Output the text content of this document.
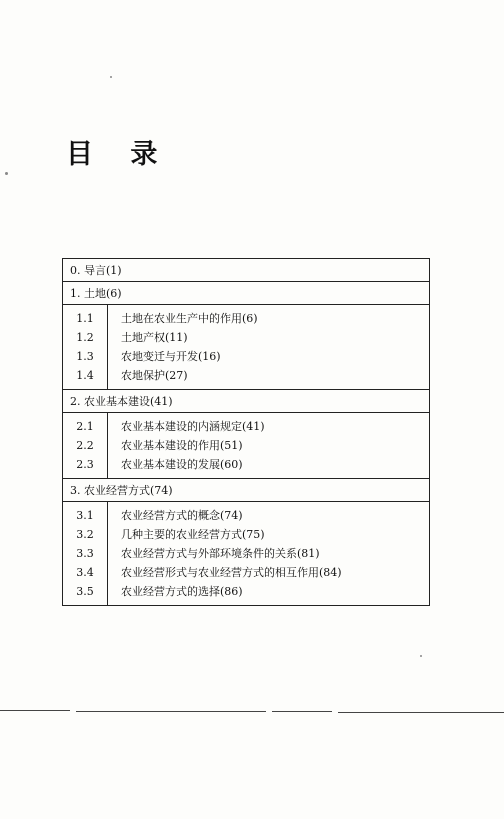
目 录
0. 导言(1)
1. 土地(6)
1.1	土地在农业生产中的作用(6)
1.2	土地产权(11)
1.3	农地变迁与开发(16)
1.4	农地保护(27)
2. 农业基本建设(41)
2.1	农业基本建设的内涵规定(41)
2.2	农业基本建设的作用(51)
2.3	农业基本建设的发展(60)
3. 农业经营方式(74)
3.1	农业经营方式的概念(74)
3.2	几种主要的农业经营方式(75)
3.3	农业经营方式与外部环境条件的关系(81)
3.4	农业经营形式与农业经营方式的相互作用(84)
3.5	农业经营方式的选择(86)
